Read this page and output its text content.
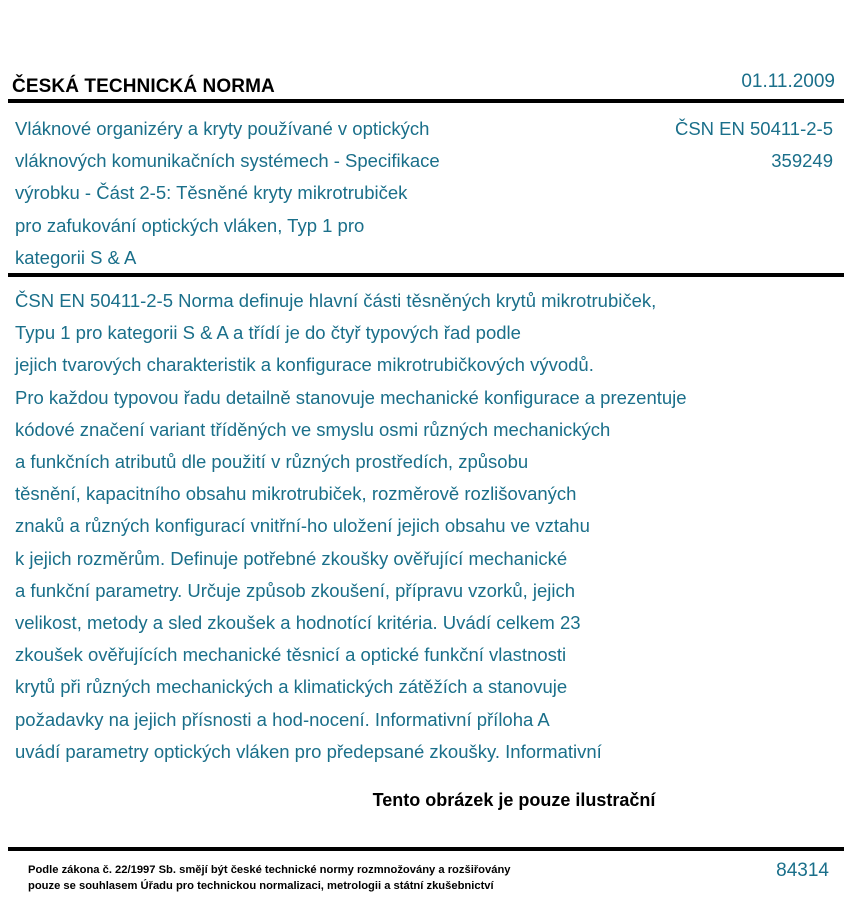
ČESKÁ TECHNICKÁ NORMA	01.11.2009
Vláknové organizéry a kryty používané v optických
vláknových komunikačních systémech - Specifikace
výrobku - Část 2-5: Těsněné kryty mikrotrubiček
pro zafukování optických vláken, Typ 1 pro
kategorii S & A
ČSN EN 50411-2-5
359249
ČSN EN 50411-2-5 Norma definuje hlavní části těsněných krytů mikrotrubiček,
Typu 1 pro kategorii S & A a třídí je do čtyř typových řad podle
jejich tvarových charakteristik a konfigurace mikrotrubičkových vývodů.
Pro každou typovou řadu detailně stanovuje mechanické konfigurace a prezentuje
kódové značení variant tříděných ve smyslu osmi různých mechanických
a funkčních atributů dle použití v různých prostředích, způsobu
těsnění, kapacitního obsahu mikrotrubiček, rozměrově rozlišovaných
znaků a různých konfigurací vnitřní-ho uložení jejich obsahu ve vztahu
k jejich rozměrům. Definuje potřebné zkoušky ověřující mechanické
a funkční parametry. Určuje způsob zkoušení, přípravu vzorků, jejich
velikost, metody a sled zkoušek a hodnotící kritéria. Uvádí celkem 23
zkoušek ověřujících mechanické těsnicí a optické funkční vlastnosti
krytů při různých mechanických a klimatických zátěžích a stanovuje
požadavky na jejich přísnosti a hod-nocení. Informativní příloha A
uvádí parametry optických vláken pro předepsané zkoušky. Informativní
Tento obrázek je pouze ilustrační
Podle zákona č. 22/1997 Sb. smějí být české technické normy rozmnožovány a rozšiřovány
pouze se souhlasem Úřadu pro technickou normalizaci, metrologii a státní zkušebnictví
84314
